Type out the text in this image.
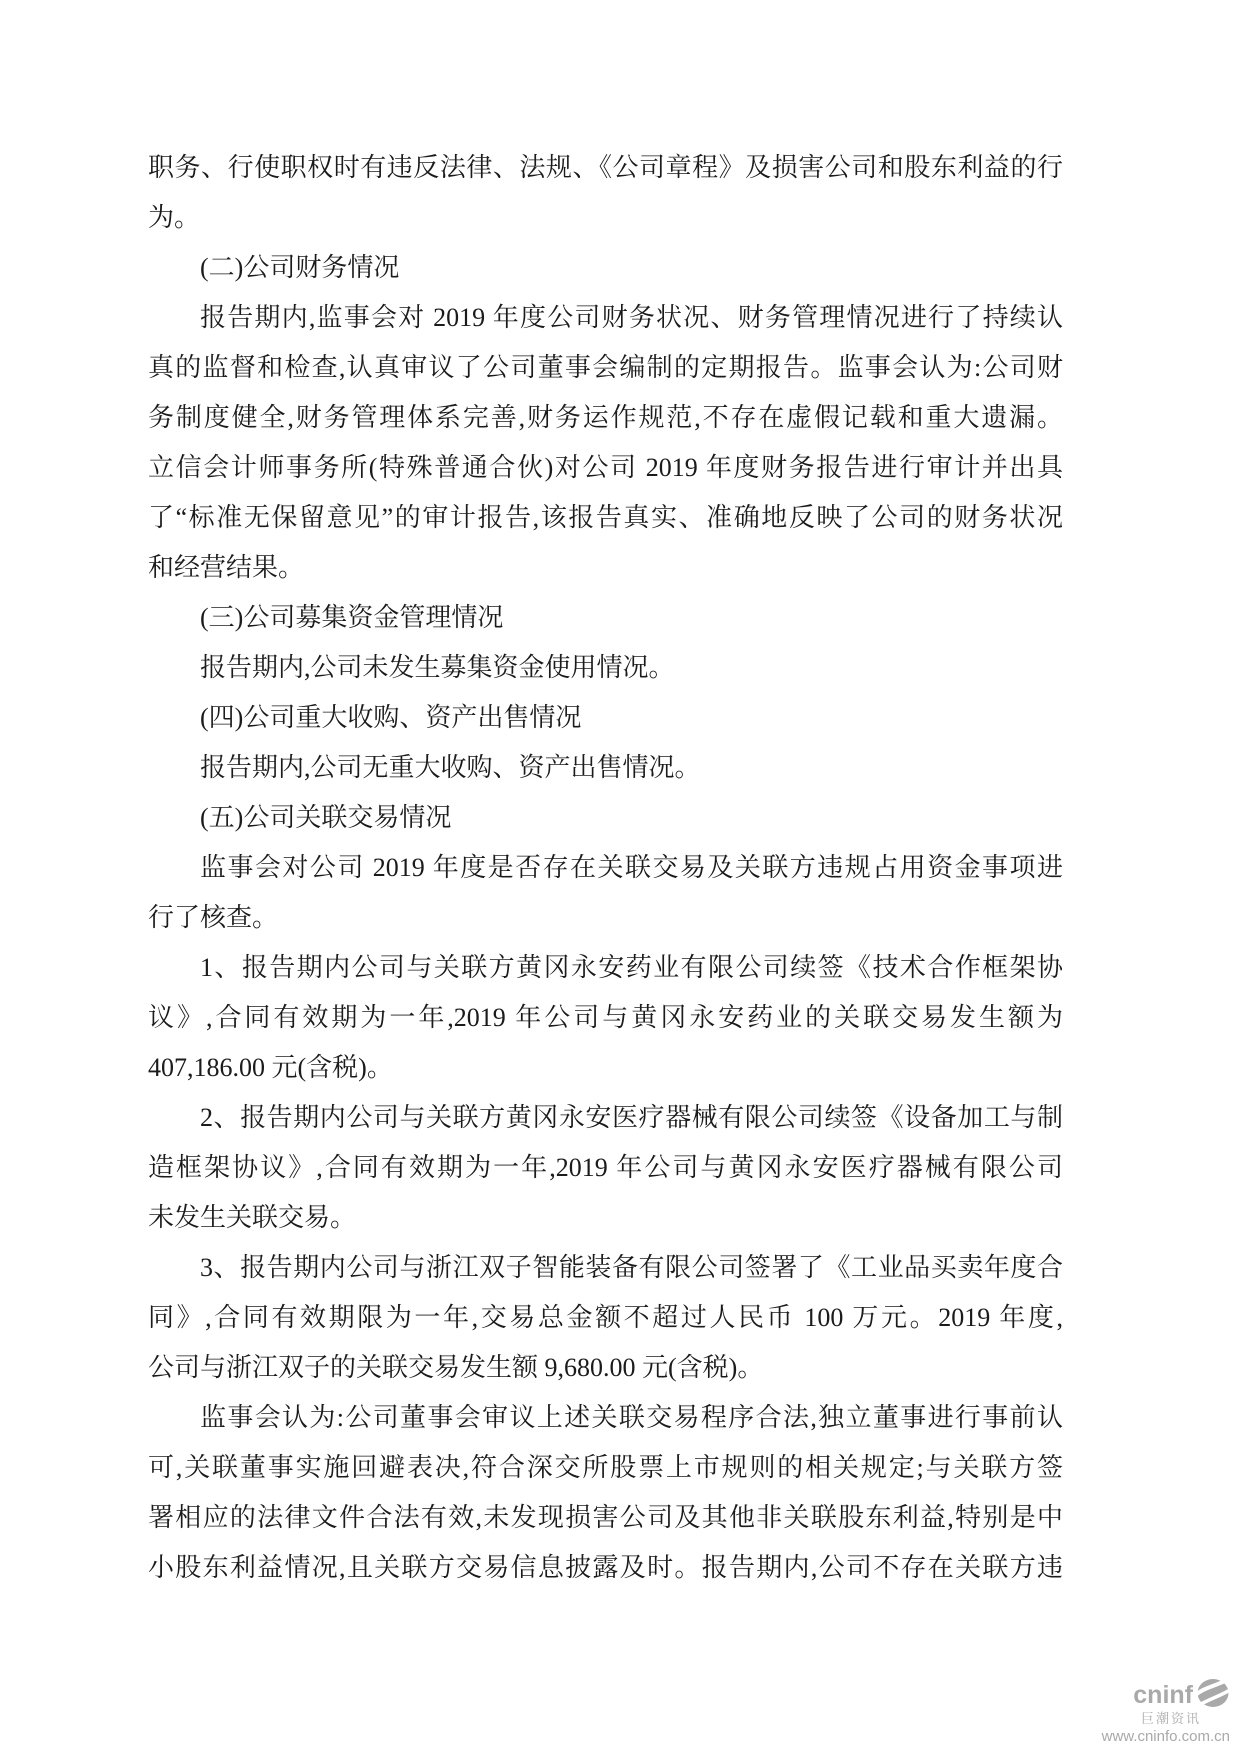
职务、行使职权时有违反法律、法规、《公司章程》及损害公司和股东利益的行
为。
(二)公司财务情况
报告期内,监事会对 2019 年度公司财务状况、财务管理情况进行了持续认
真的监督和检查,认真审议了公司董事会编制的定期报告。监事会认为:公司财
务制度健全,财务管理体系完善,财务运作规范,不存在虚假记载和重大遗漏。
立信会计师事务所(特殊普通合伙)对公司 2019 年度财务报告进行审计并出具
了“标准无保留意见”的审计报告,该报告真实、准确地反映了公司的财务状况
和经营结果。
(三)公司募集资金管理情况
报告期内,公司未发生募集资金使用情况。
(四)公司重大收购、资产出售情况
报告期内,公司无重大收购、资产出售情况。
(五)公司关联交易情况
监事会对公司 2019 年度是否存在关联交易及关联方违规占用资金事项进
行了核查。
1、报告期内公司与关联方黄冈永安药业有限公司续签《技术合作框架协
议》,合同有效期为一年,2019 年公司与黄冈永安药业的关联交易发生额为
407,186.00 元(含税)。
2、报告期内公司与关联方黄冈永安医疗器械有限公司续签《设备加工与制
造框架协议》,合同有效期为一年,2019 年公司与黄冈永安医疗器械有限公司
未发生关联交易。
3、报告期内公司与浙江双子智能装备有限公司签署了《工业品买卖年度合
同》,合同有效期限为一年,交易总金额不超过人民币 100 万元。2019 年度,
公司与浙江双子的关联交易发生额 9,680.00 元(含税)。
监事会认为:公司董事会审议上述关联交易程序合法,独立董事进行事前认
可,关联董事实施回避表决,符合深交所股票上市规则的相关规定;与关联方签
署相应的法律文件合法有效,未发现损害公司及其他非关联股东利益,特别是中
小股东利益情况,且关联方交易信息披露及时。报告期内,公司不存在关联方违
cninf
巨潮资讯
www.cninfo.com.cn
